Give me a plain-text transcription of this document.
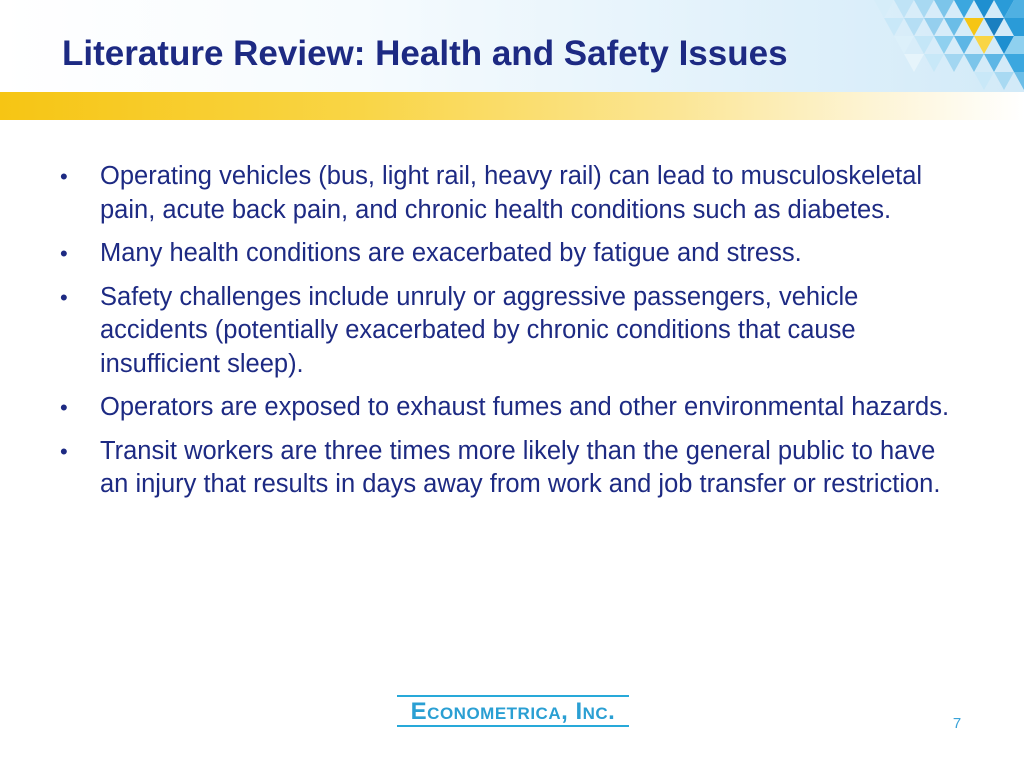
Literature Review: Health and Safety Issues
• Operating vehicles (bus, light rail, heavy rail) can lead to musculoskeletal pain, acute back pain, and chronic health conditions such as diabetes.
• Many health conditions are exacerbated by fatigue and stress.
• Safety challenges include unruly or aggressive passengers, vehicle accidents (potentially exacerbated by chronic conditions that cause insufficient sleep).
• Operators are exposed to exhaust fumes and other environmental hazards.
• Transit workers are three times more likely than the general public to have an injury that results in days away from work and job transfer or restriction.
Econometrica, Inc.	7
